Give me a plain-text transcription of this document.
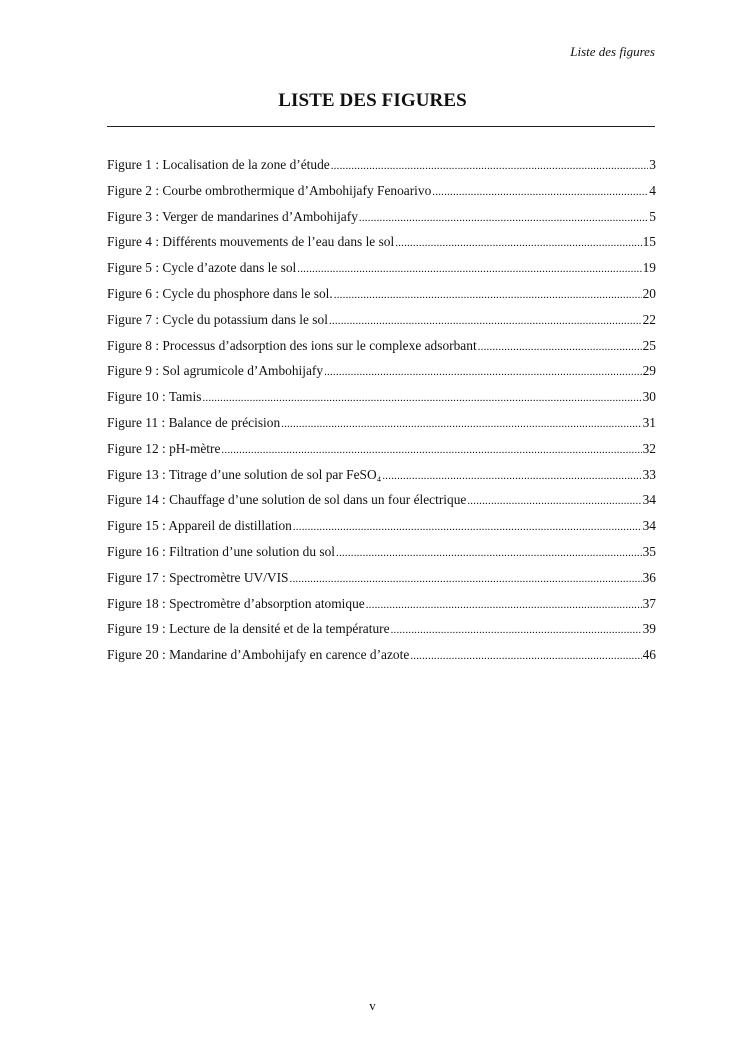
Liste des figures
LISTE DES FIGURES
Figure 1 : Localisation de la zone d’étude .....	3
Figure 2 : Courbe ombrothermique d’Ambohijafy Fenoarivo .....	4
Figure 3 : Verger de mandarines d’Ambohijafy .....	5
Figure 4 : Différents mouvements de l’eau dans le sol .....	15
Figure 5 : Cycle d’azote dans le sol .....	19
Figure 6 : Cycle du phosphore dans le sol. .....	20
Figure 7 : Cycle du potassium dans le sol .....	22
Figure 8 : Processus d’adsorption des ions sur le complexe adsorbant .....	25
Figure 9 : Sol agrumicole d’Ambohijafy .....	29
Figure 10 : Tamis .....	30
Figure 11 : Balance de précision .....	31
Figure 12 : pH-mètre .....	32
Figure 13 : Titrage d’une solution de sol par FeSO₄ .....	33
Figure 14 : Chauffage d’une solution de sol dans un four électrique .....	34
Figure 15 : Appareil de distillation .....	34
Figure 16 : Filtration d’une solution du sol .....	35
Figure 17 : Spectromètre UV/VIS .....	36
Figure 18 : Spectromètre d’absorption atomique .....	37
Figure 19 : Lecture de la densité et de la température .....	39
Figure 20 : Mandarine d’Ambohijafy en carence d’azote .....	46
v
